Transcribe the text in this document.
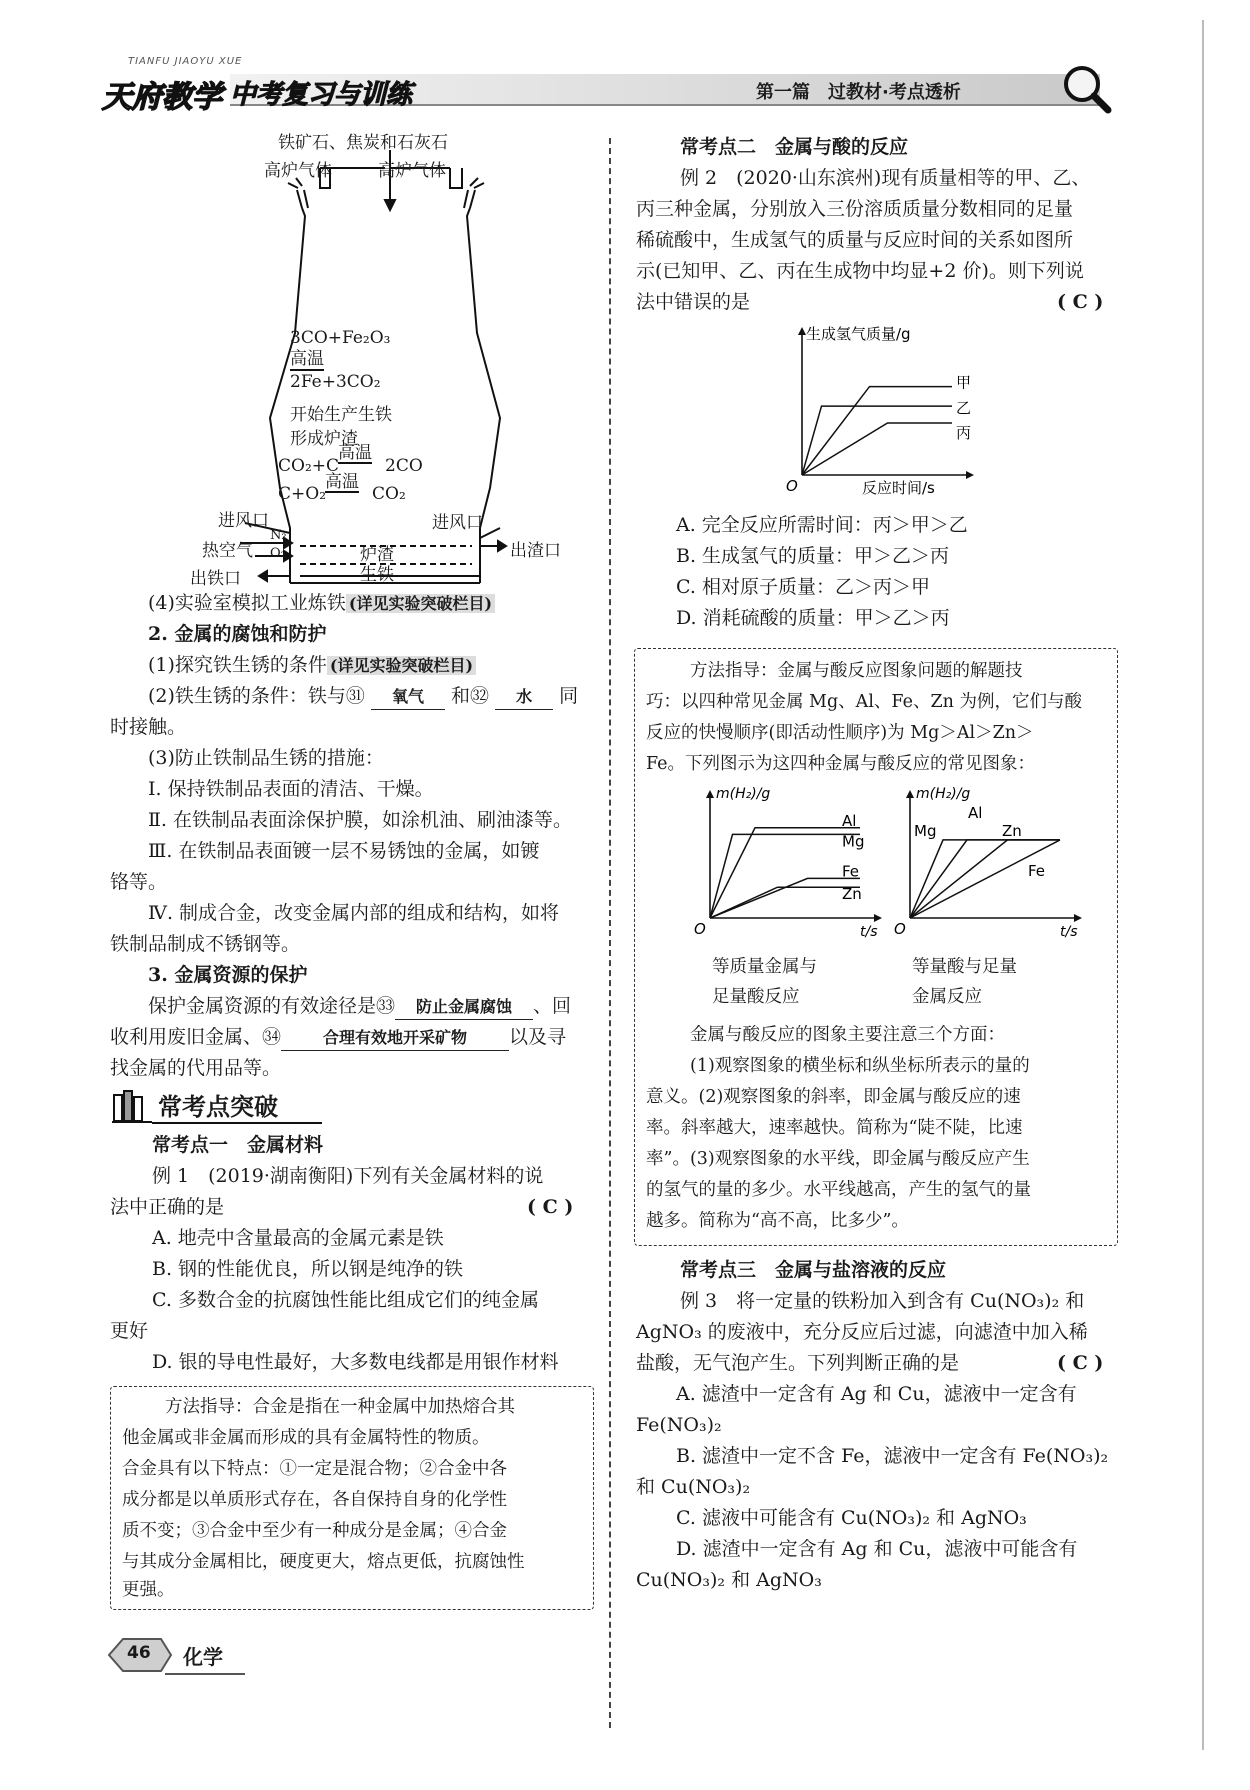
TIANFU JIAOYU XUE
天府教学 中考复习与训练	第一篇　过教材·考点透析
铁矿石、焦炭和石灰石
高炉气体	高炉气体
3CO+Fe₂O₃
高温
2Fe+3CO₂
开始生产生铁
形成炉渣
CO₂+C
高温
2CO
C+O₂
高温
CO₂
进风口
热空气
N₂
O₂
进风口
炉渣
生铁
出渣口
出铁口
(4)实验室模拟工业炼铁 (详见实验突破栏目)
2. 金属的腐蚀和防护
(1)探究铁生锈的条件 (详见实验突破栏目)
(2)铁生锈的条件：铁与㉛ 氧气 和㉜ 水 同
时接触。
(3)防止铁制品生锈的措施：
Ⅰ. 保持铁制品表面的清洁、干燥。
Ⅱ. 在铁制品表面涂保护膜，如涂机油、刷油漆等。
Ⅲ. 在铁制品表面镀一层不易锈蚀的金属，如镀
铬等。
Ⅳ. 制成合金，改变金属内部的组成和结构，如将
铁制品制成不锈钢等。
3. 金属资源的保护
保护金属资源的有效途径是㉝ 防止金属腐蚀 、回
收利用废旧金属、㉞	合理有效地开采矿物 以及寻
找金属的代用品等。
常考点突破
常考点一　金属材料
例 1　(2019·湖南衡阳)下列有关金属材料的说
法中正确的是	( C )
A. 地壳中含量最高的金属元素是铁
B. 钢的性能优良，所以钢是纯净的铁
C. 多数合金的抗腐蚀性能比组成它们的纯金属
更好
D. 银的导电性最好，大多数电线都是用银作材料
方法指导：合金是指在一种金属中加热熔合其
他金属或非金属而形成的具有金属特性的物质。
合金具有以下特点：①一定是混合物；②合金中各
成分都是以单质形式存在，各自保持自身的化学性
质不变；③合金中至少有一种成分是金属；④合金
与其成分金属相比，硬度更大，熔点更低，抗腐蚀性
更强。
常考点二　金属与酸的反应
例 2　(2020·山东滨州)现有质量相等的甲、乙、
丙三种金属，分别放入三份溶质质量分数相同的足量
稀硫酸中，生成氢气的质量与反应时间的关系如图所
示(已知甲、乙、丙在生成物中均显+2 价)。则下列说
法中错误的是	( C )
O
生成氢气质量/g
反应时间/s
甲
乙
丙
A. 完全反应所需时间：丙＞甲＞乙
B. 生成氢气的质量：甲＞乙＞丙
C. 相对原子质量：乙＞丙＞甲
D. 消耗硫酸的质量：甲＞乙＞丙
方法指导：金属与酸反应图象问题的解题技
巧：以四种常见金属 Mg、Al、Fe、Zn 为例，它们与酸
反应的快慢顺序(即活动性顺序)为 Mg＞Al＞Zn＞
Fe。下列图示为这四种金属与酸反应的常见图象：
O
m(H₂)/g
t/s
Al
Mg
Fe
Zn
O
m(H₂)/g
t/s
Mg
Al
Zn
Fe
等质量金属与
足量酸反应
等量酸与足量
金属反应
金属与酸反应的图象主要注意三个方面：
(1)观察图象的横坐标和纵坐标所表示的量的
意义。(2)观察图象的斜率，即金属与酸反应的速
率。斜率越大，速率越快。简称为“陡不陡，比速
率”。(3)观察图象的水平线，即金属与酸反应产生
的氢气的量的多少。水平线越高，产生的氢气的量
越多。简称为“高不高，比多少”。
常考点三　金属与盐溶液的反应
例 3　将一定量的铁粉加入到含有 Cu(NO₃)₂ 和
AgNO₃ 的废液中，充分反应后过滤，向滤渣中加入稀
盐酸，无气泡产生。下列判断正确的是	( C )
A. 滤渣中一定含有 Ag 和 Cu，滤液中一定含有
Fe(NO₃)₂
B. 滤渣中一定不含 Fe，滤液中一定含有 Fe(NO₃)₂
和 Cu(NO₃)₂
C. 滤液中可能含有 Cu(NO₃)₂ 和 AgNO₃
D. 滤渣中一定含有 Ag 和 Cu，滤液中可能含有
Cu(NO₃)₂ 和 AgNO₃
46 化学
